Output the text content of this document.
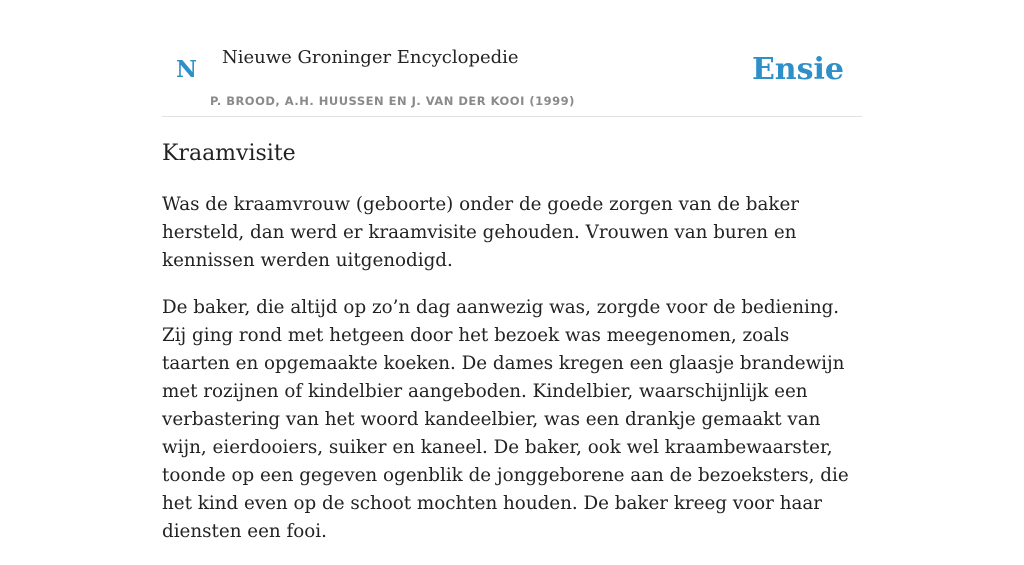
N Nieuwe Groninger Encyclopedie
P. BROOD, A.H. HUUSSEN EN J. VAN DER KOOI (1999)
Ensie
Kraamvisite

Was de kraamvrouw (geboorte) onder de goede zorgen van de baker hersteld, dan werd er kraamvisite gehouden. Vrouwen van buren en kennissen werden uitgenodigd.

De baker, die altijd op zo’n dag aanwezig was, zorgde voor de bediening. Zij ging rond met hetgeen door het bezoek was meegenomen, zoals taarten en opgemaakte koeken. De dames kregen een glaasje brandewijn met rozijnen of kindelbier aangeboden. Kindelbier, waarschijnlijk een verbastering van het woord kandeelbier, was een drankje gemaakt van wijn, eierdooiers, suiker en kaneel. De baker, ook wel kraambewaarster, toonde op een gegeven ogenblik de jonggeborene aan de bezoeksters, die het kind even op de schoot mochten houden. De baker kreeg voor haar diensten een fooi.
